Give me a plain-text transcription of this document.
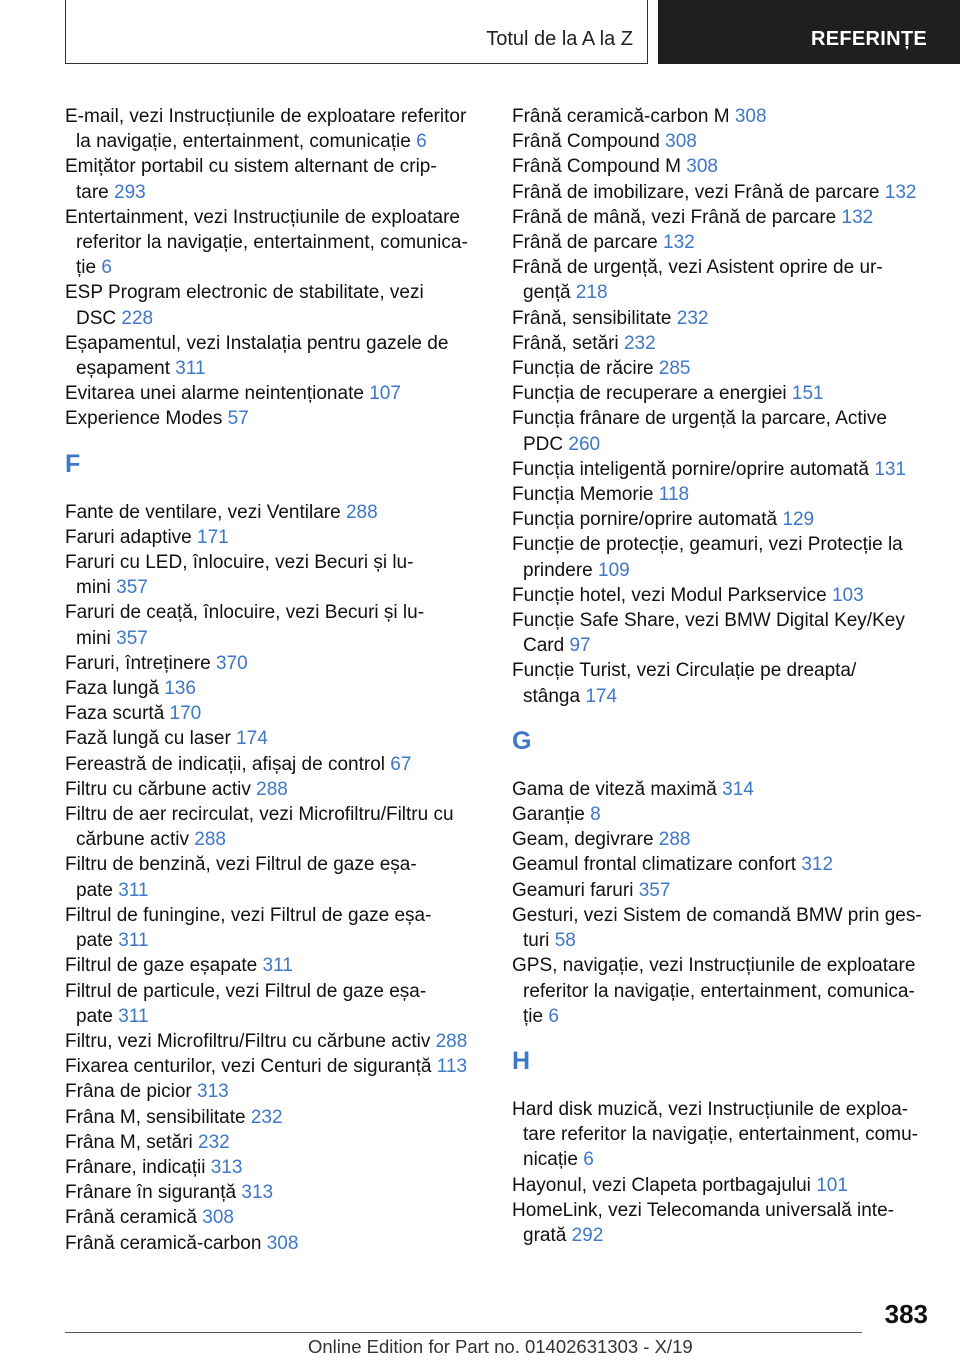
Totul de la A la Z	REFERINȚE
E-mail, vezi Instrucțiunile de exploatare referitor
la navigație, entertainment, comunicație 6
Emițător portabil cu sistem alternant de crip-
tare 293
Entertainment, vezi Instrucțiunile de exploatare
referitor la navigație, entertainment, comunica-
ție 6
ESP Program electronic de stabilitate, vezi
DSC 228
Eșapamentul, vezi Instalația pentru gazele de
eșapament 311
Evitarea unei alarme neintenționate 107
Experience Modes 57
F
Fante de ventilare, vezi Ventilare 288
Faruri adaptive 171
Faruri cu LED, înlocuire, vezi Becuri și lu-
mini 357
Faruri de ceață, înlocuire, vezi Becuri și lu-
mini 357
Faruri, întreținere 370
Faza lungă 136
Faza scurtă 170
Fază lungă cu laser 174
Fereastră de indicații, afișaj de control 67
Filtru cu cărbune activ 288
Filtru de aer recirculat, vezi Microfiltru/Filtru cu
cărbune activ 288
Filtru de benzină, vezi Filtrul de gaze eșa-
pate 311
Filtrul de funingine, vezi Filtrul de gaze eșa-
pate 311
Filtrul de gaze eșapate 311
Filtrul de particule, vezi Filtrul de gaze eșa-
pate 311
Filtru, vezi Microfiltru/Filtru cu cărbune activ 288
Fixarea centurilor, vezi Centuri de siguranță 113
Frâna de picior 313
Frâna M, sensibilitate 232
Frâna M, setări 232
Frânare, indicații 313
Frânare în siguranță 313
Frână ceramică 308
Frână ceramică-carbon 308
Frână ceramică-carbon M 308
Frână Compound 308
Frână Compound M 308
Frână de imobilizare, vezi Frână de parcare 132
Frână de mână, vezi Frână de parcare 132
Frână de parcare 132
Frână de urgență, vezi Asistent oprire de ur-
gență 218
Frână, sensibilitate 232
Frână, setări 232
Funcția de răcire 285
Funcția de recuperare a energiei 151
Funcția frânare de urgență la parcare, Active
PDC 260
Funcția inteligentă pornire/oprire automată 131
Funcția Memorie 118
Funcția pornire/oprire automată 129
Funcție de protecție, geamuri, vezi Protecție la
prindere 109
Funcție hotel, vezi Modul Parkservice 103
Funcție Safe Share, vezi BMW Digital Key/Key
Card 97
Funcție Turist, vezi Circulație pe dreapta/
stânga 174
G
Gama de viteză maximă 314
Garanție 8
Geam, degivrare 288
Geamul frontal climatizare confort 312
Geamuri faruri 357
Gesturi, vezi Sistem de comandă BMW prin ges-
turi 58
GPS, navigație, vezi Instrucțiunile de exploatare
referitor la navigație, entertainment, comunica-
ție 6
H
Hard disk muzică, vezi Instrucțiunile de exploa-
tare referitor la navigație, entertainment, comu-
nicație 6
Hayonul, vezi Clapeta portbagajului 101
HomeLink, vezi Telecomanda universală inte-
grată 292
383
Online Edition for Part no. 01402631303 - X/19
